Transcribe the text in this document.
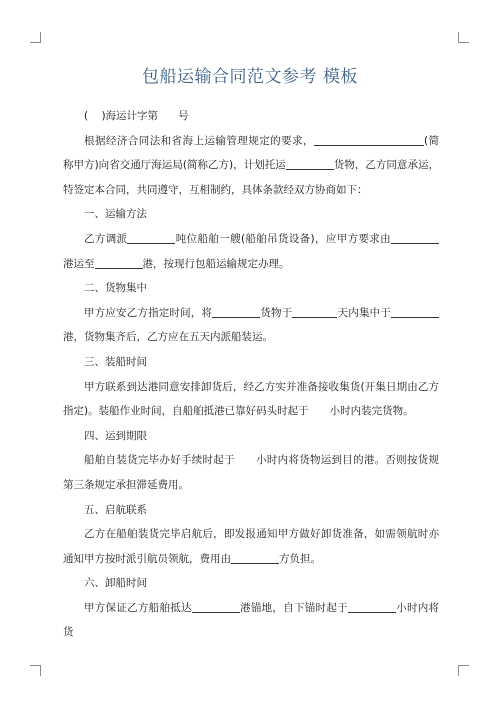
包船运输合同范文参考 模板

(    )海运计字第      号

根据经济合同法和省海上运输管理规定的要求，	(简称甲方)向省交通厅海运局(简称乙方)，计划托运	货物，乙方同意承运，特签定本合同，共同遵守，互相制约，具体条款经双方协商如下：

一、运输方法

乙方调派	吨位船舶一艘(船舶吊货设备)，应甲方要求由港运至	港，按现行包船运输规定办理。

二、货物集中

甲方应安乙方指定时间，将	货物于	天内集中于港，货物集齐后，乙方应在五天内派船装运。

三、装船时间

甲方联系到达港同意安排卸货后，经乙方实并准备接收集货(开集日期由乙方指定)。装船作业时间，自船舶抵港已靠好码头时起于 小时内装完货物。

四、运到期限

船舶自装货完毕办好手续时起于 小时内将货物运到目的港。否则按货规第三条规定承担滞延费用。

五、启航联系

乙方在船舶装货完毕启航后，即发报通知甲方做好卸货准备，如需领航时亦通知甲方按时派引航员领航，费用由	方负担。

六、卸船时间

甲方保证乙方船舶抵达	港锚地，自下锚时起于	小时内将货
